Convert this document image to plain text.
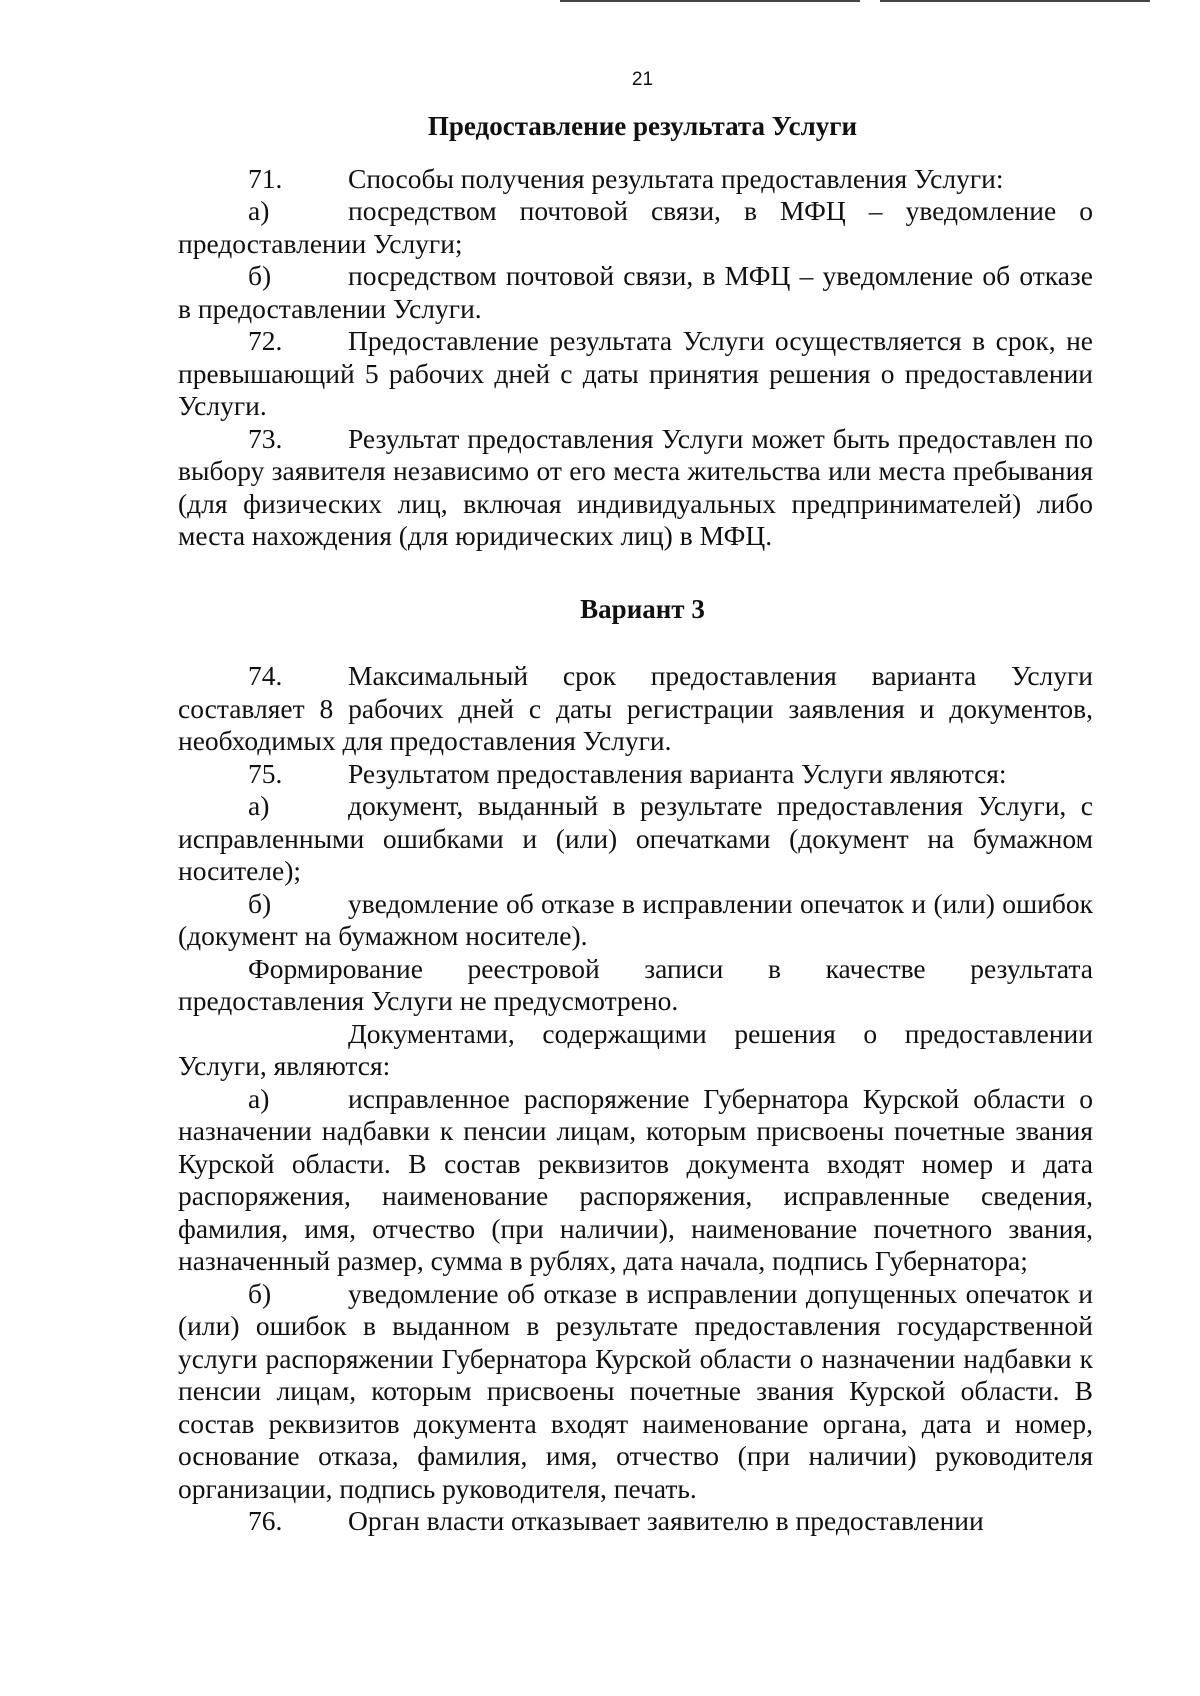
21
Предоставление результата Услуги

71. Способы получения результата предоставления Услуги:

а)	посредством почтовой связи, в МФЦ – уведомление о предоставлении Услуги;

б)	посредством почтовой связи, в МФЦ – уведомление об отказе в предоставлении Услуги.

72. Предоставление результата Услуги осуществляется в срок, не превышающий 5 рабочих дней с даты принятия решения о предоставлении Услуги.

73. Результат предоставления Услуги может быть предоставлен по выбору заявителя независимо от его места жительства или места пребывания (для физических лиц, включая индивидуальных предпринимателей) либо места нахождения (для юридических лиц) в МФЦ.

Вариант 3

74. Максимальный срок предоставления варианта Услуги составляет 8 рабочих дней с даты регистрации заявления и документов, необходимых для предоставления Услуги.

75. Результатом предоставления варианта Услуги являются:

а)	документ, выданный в результате предоставления Услуги, с исправленными ошибками и (или) опечатками (документ на бумажном носителе);

б)	уведомление об отказе в исправлении опечаток и (или) ошибок (документ на бумажном носителе).

Формирование реестровой записи в качестве результата предоставления Услуги не предусмотрено.

Документами, содержащими решения о предоставлении Услуги, являются:

а)	исправленное распоряжение Губернатора Курской области о назначении надбавки к пенсии лицам, которым присвоены почетные звания Курской области. В состав реквизитов документа входят номер и дата распоряжения, наименование распоряжения, исправленные сведения, фамилия, имя, отчество (при наличии), наименование почетного звания, назначенный размер, сумма в рублях, дата начала, подпись Губернатора;

б)	уведомление об отказе в исправлении допущенных опечаток и (или) ошибок в выданном в результате предоставления государственной услуги распоряжении Губернатора Курской области о назначении надбавки к пенсии лицам, которым присвоены почетные звания Курской области. В состав реквизитов документа входят наименование органа, дата и номер, основание отказа, фамилия, имя, отчество (при наличии) руководителя организации, подпись руководителя, печать.

76. Орган власти отказывает заявителю в предоставлении
